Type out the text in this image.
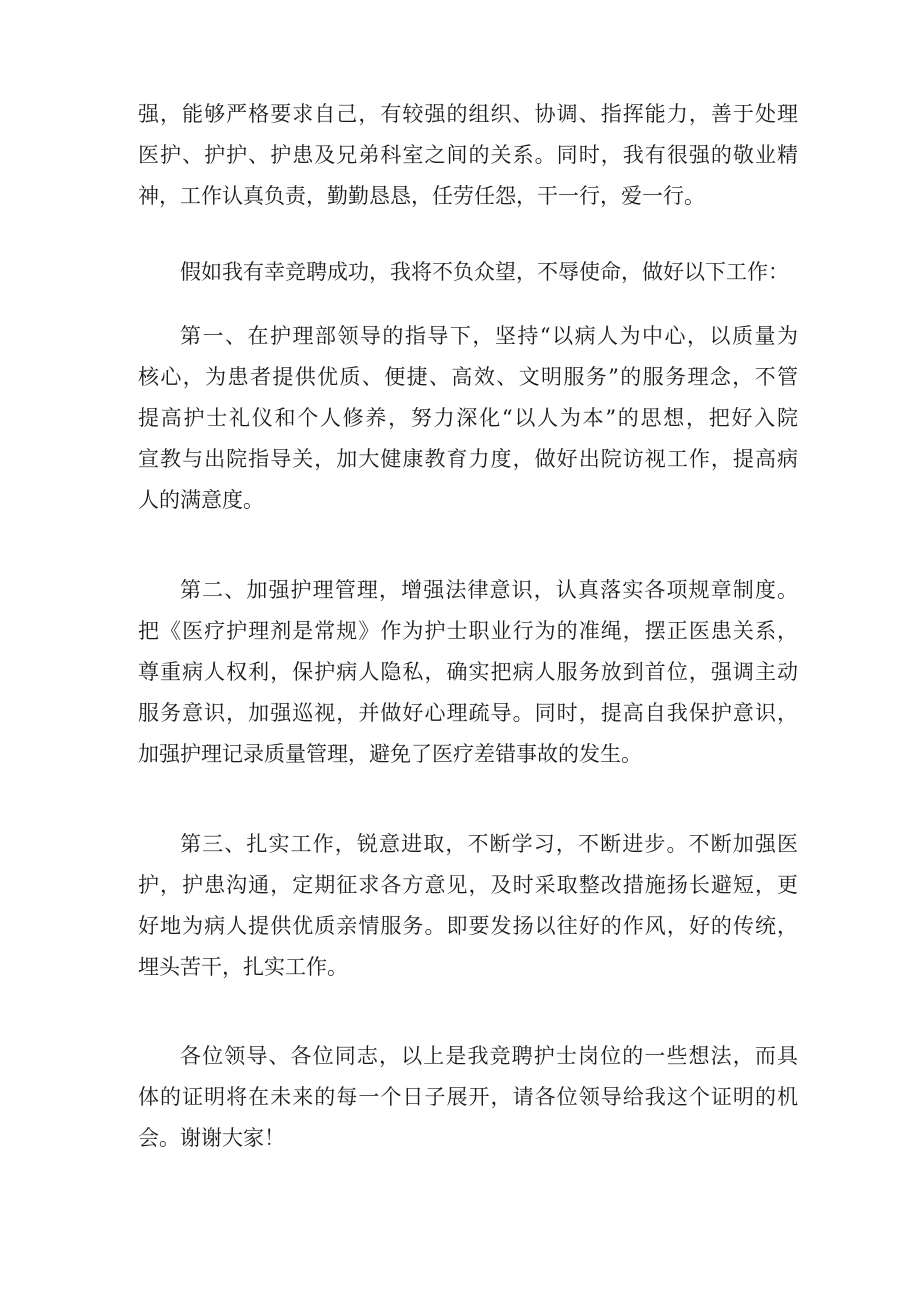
强，能够严格要求自己，有较强的组织、协调、指挥能力，善于处理
医护、护护、护患及兄弟科室之间的关系。同时，我有很强的敬业精
神，工作认真负责，勤勤恳恳，任劳任怨，干一行，爱一行。
假如我有幸竞聘成功，我将不负众望，不辱使命，做好以下工作：
第一、在护理部领导的指导下，坚持“以病人为中心，以质量为
核心，为患者提供优质、便捷、高效、文明服务”的服务理念，不管
提高护士礼仪和个人修养，努力深化“以人为本”的思想，把好入院
宣教与出院指导关，加大健康教育力度，做好出院访视工作，提高病
人的满意度。
第二、加强护理管理，增强法律意识，认真落实各项规章制度。
把《医疗护理剂是常规》作为护士职业行为的准绳，摆正医患关系，
尊重病人权利，保护病人隐私，确实把病人服务放到首位，强调主动
服务意识，加强巡视，并做好心理疏导。同时，提高自我保护意识，
加强护理记录质量管理，避免了医疗差错事故的发生。
第三、扎实工作，锐意进取，不断学习，不断进步。不断加强医
护，护患沟通，定期征求各方意见，及时采取整改措施扬长避短，更
好地为病人提供优质亲情服务。即要发扬以往好的作风，好的传统，
埋头苦干，扎实工作。
各位领导、各位同志，以上是我竞聘护士岗位的一些想法，而具
体的证明将在未来的每一个日子展开，请各位领导给我这个证明的机
会。谢谢大家！
